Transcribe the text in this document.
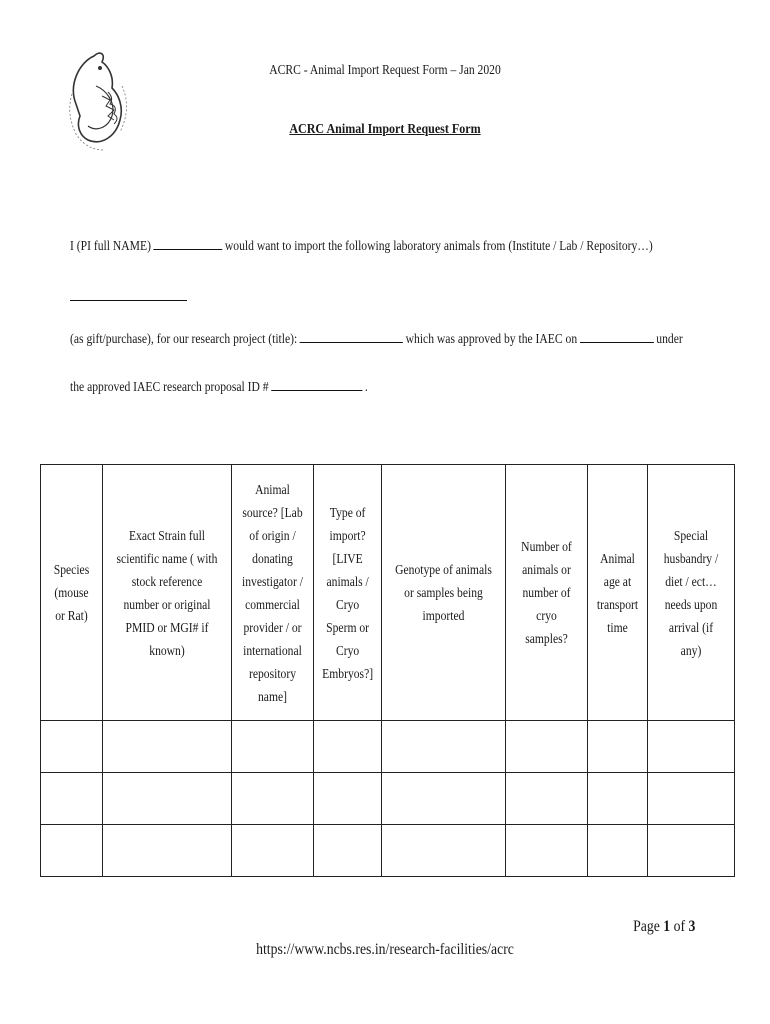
ACRC - Animal Import Request Form – Jan 2020
ACRC Animal Import Request Form
I (PI full NAME)	would want to import the following laboratory animals from (Institute / Lab / Repository…)
(as gift/purchase), for our research project (title):	which was approved by the IAEC on	under
the approved IAEC research proposal ID #	.
Species (mouse or Rat)	Exact Strain full scientific name ( with stock reference number or original PMID or MGI# if known)	Animal source? [Lab of origin / donating investigator / commercial provider / or international repository name]	Type of import? [LIVE animals / Cryo Sperm or Cryo Embryos?]	Genotype of animals or samples being imported	Number of animals or number of cryo samples?	Animal age at transport time	Special husbandry / diet / ect… needs upon arrival (if any)

Page 1 of 3
https://www.ncbs.res.in/research-facilities/acrc
